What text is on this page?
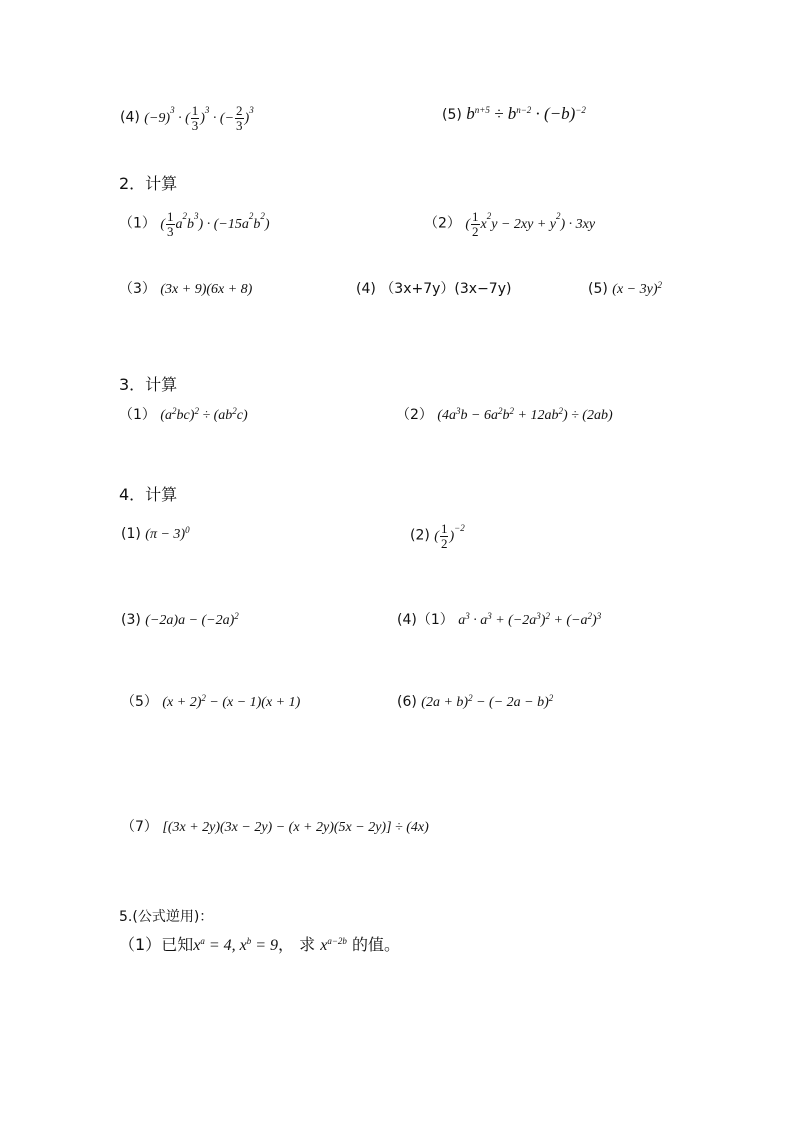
(4) $(-9)^3$ · ( $\frac{1}{3} )^3$ · (− $\frac{2}{3} )^3$	(5) $b^{n+5} \div b^{n-2} \cdot (-b)^{-2}$
2．计算
（1） ( $\frac{1}{3} a^2b^3) \cdot (-15a^2b^2)$	（2） ( $\frac{1}{2} x^2y - 2xy + y^2) \cdot 3xy$
（3） (3x + 9)(6x + 8)	(4) （3x+7y）(3x−7y)	(5) $(x - 3y)^2$
3．计算
（1） $(a^2bc)^2 \div (ab^2c)$	（2） $(4a^3b - 6a^2b^2 + 12ab^2) \div (2ab)$
4．计算
(1) $(\pi - 3)^0$	(2) ( $\frac{1}{2} )^{-2}$
(3) $(-2a)a - (-2a)^2$	(4)（1） $a^3 \cdot a^3 + (-2a^3)^2 + (-a^2)^3$
（5） $(x + 2)^2 - (x - 1)(x + 1)$	(6) $(2a + b)^2$ − (− 2a − b)$^2$
（7） [(3x + 2y)(3x − 2y) − (x + 2y)(5x − 2y)] ÷ (4x)
5.(公式逆用)：
（1）已知$x^a = 4$, $x^b = 9$， 求 $x^{a-2b}$ 的值。
